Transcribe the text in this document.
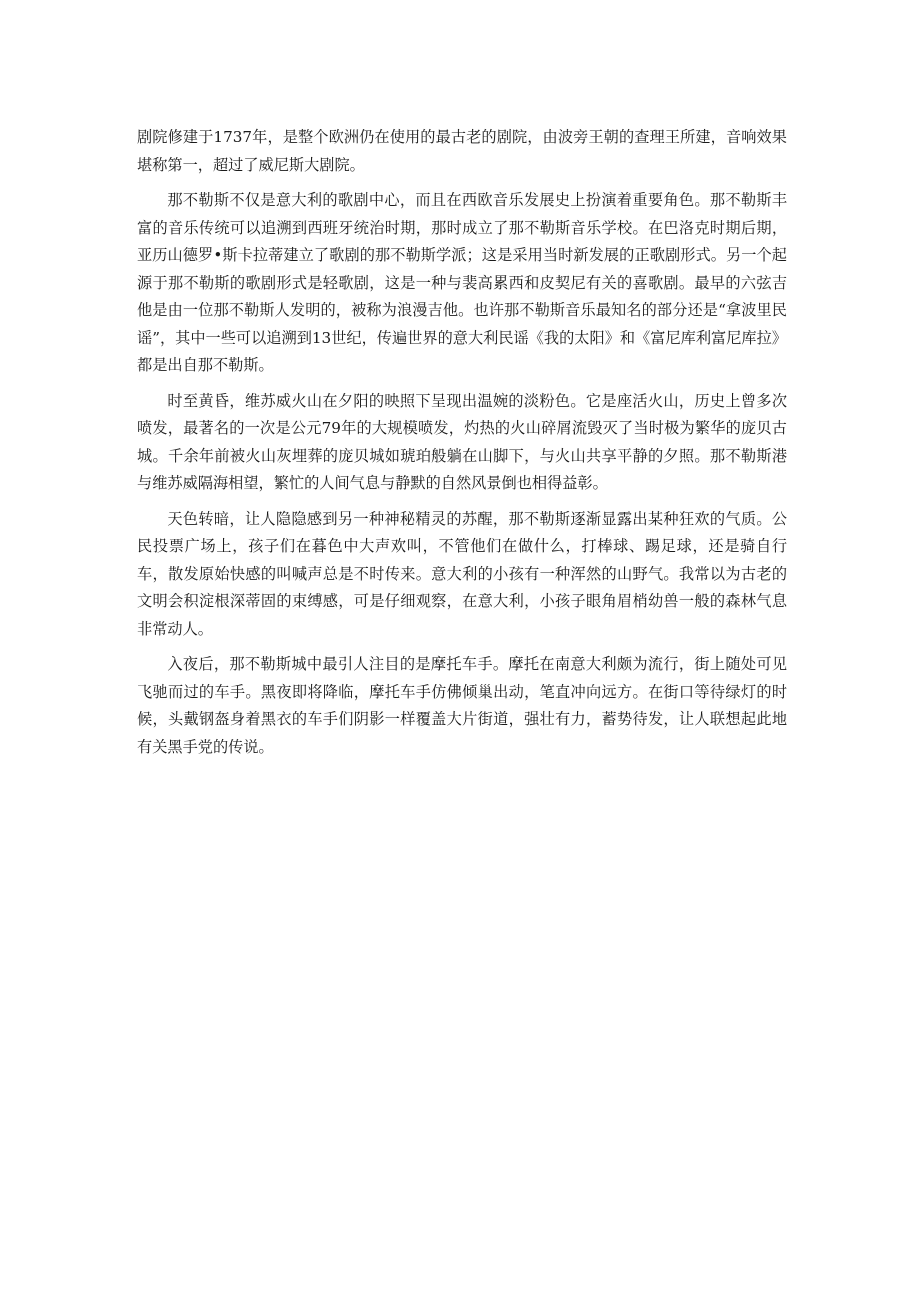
剧院修建于1737年，是整个欧洲仍在使用的最古老的剧院，由波旁王朝的查理王所建，音响效果堪称第一，超过了威尼斯大剧院。

那不勒斯不仅是意大利的歌剧中心，而且在西欧音乐发展史上扮演着重要角色。那不勒斯丰富的音乐传统可以追溯到西班牙统治时期，那时成立了那不勒斯音乐学校。在巴洛克时期后期，亚历山德罗•斯卡拉蒂建立了歌剧的那不勒斯学派；这是采用当时新发展的正歌剧形式。另一个起源于那不勒斯的歌剧形式是轻歌剧，这是一种与裴高累西和皮契尼有关的喜歌剧。最早的六弦吉他是由一位那不勒斯人发明的，被称为浪漫吉他。也许那不勒斯音乐最知名的部分还是“拿波里民谣”，其中一些可以追溯到13世纪，传遍世界的意大利民谣《我的太阳》和《富尼库利富尼库拉》都是出自那不勒斯。

时至黄昏，维苏威火山在夕阳的映照下呈现出温婉的淡粉色。它是座活火山，历史上曾多次喷发，最著名的一次是公元79年的大规模喷发，灼热的火山碎屑流毁灭了当时极为繁华的庞贝古城。千余年前被火山灰埋葬的庞贝城如琥珀般躺在山脚下，与火山共享平静的夕照。那不勒斯港与维苏威隔海相望，繁忙的人间气息与静默的自然风景倒也相得益彰。

天色转暗，让人隐隐感到另一种神秘精灵的苏醒，那不勒斯逐渐显露出某种狂欢的气质。公民投票广场上，孩子们在暮色中大声欢叫，不管他们在做什么，打棒球、踢足球，还是骑自行车，散发原始快感的叫喊声总是不时传来。意大利的小孩有一种浑然的山野气。我常以为古老的文明会积淀根深蒂固的束缚感，可是仔细观察，在意大利，小孩子眼角眉梢幼兽一般的森林气息非常动人。

入夜后，那不勒斯城中最引人注目的是摩托车手。摩托在南意大利颇为流行，街上随处可见飞驰而过的车手。黑夜即将降临，摩托车手仿佛倾巢出动，笔直冲向远方。在街口等待绿灯的时候，头戴钢盔身着黑衣的车手们阴影一样覆盖大片街道，强壮有力，蓄势待发，让人联想起此地有关黑手党的传说。
